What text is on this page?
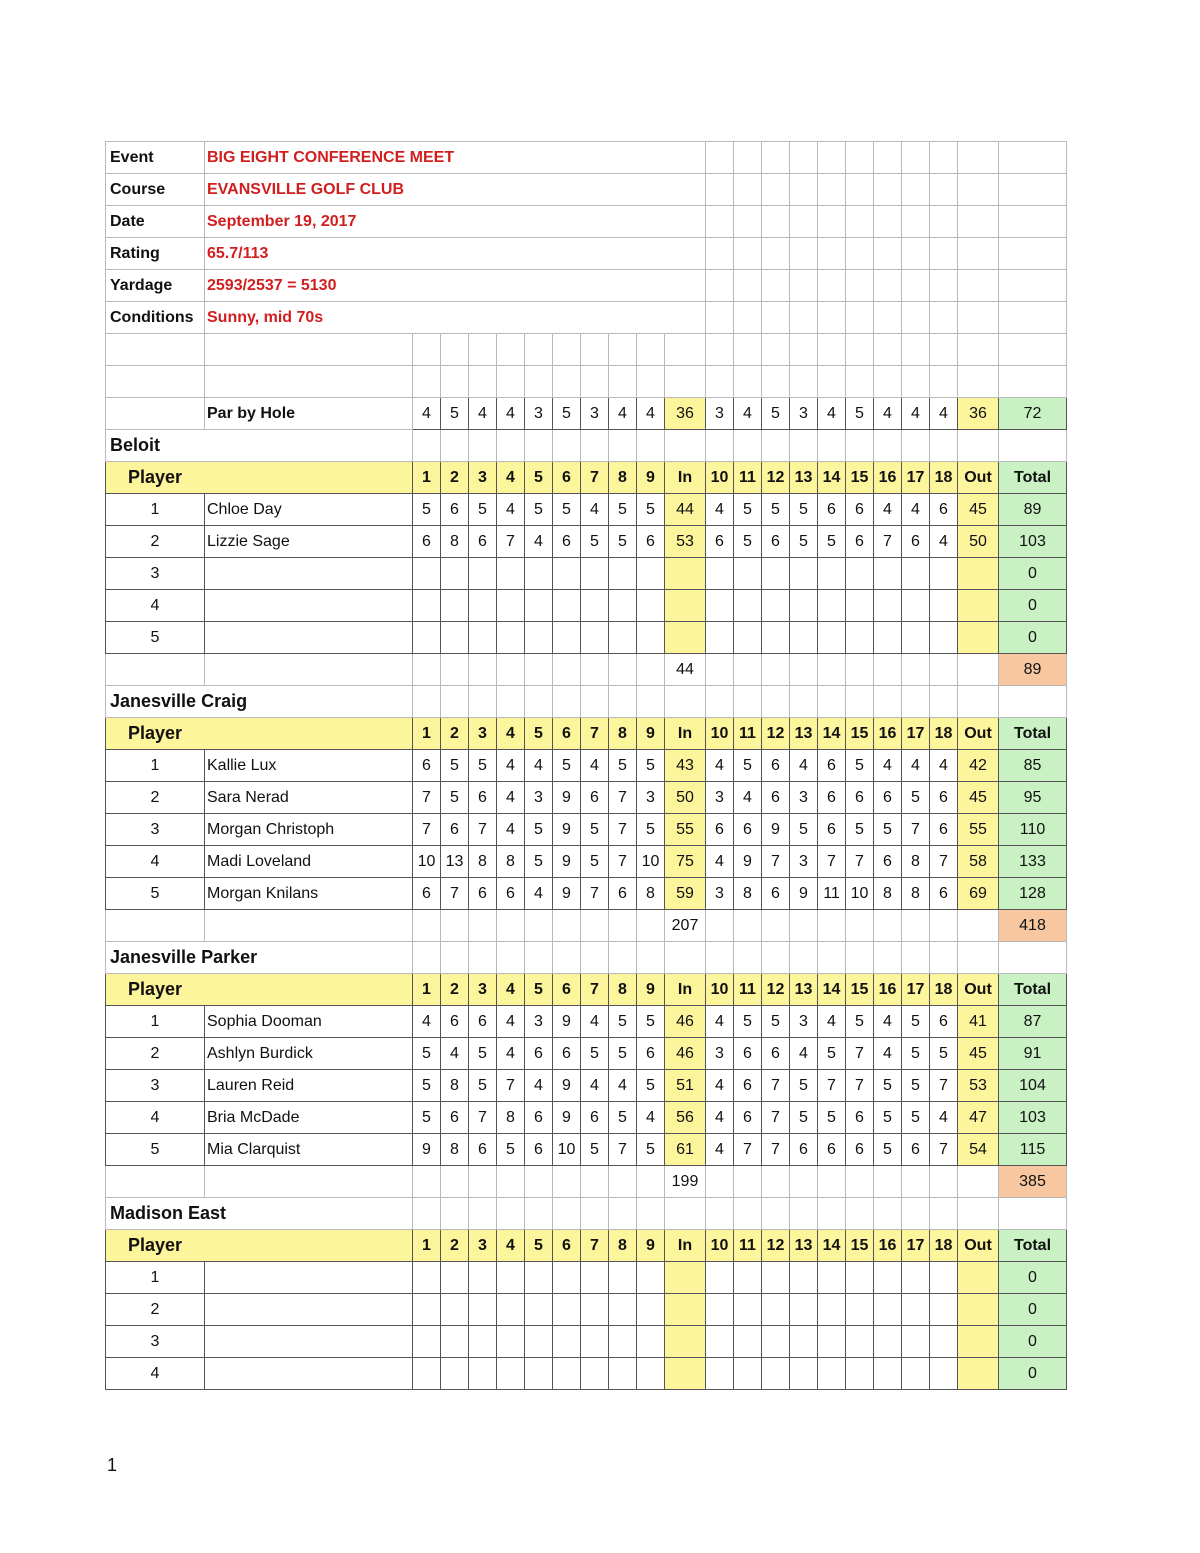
Event	BIG EIGHT CONFERENCE MEET																					
Course	EVANSVILLE GOLF CLUB																					
Date	September 19, 2017																					
Rating	65.7/113																					
Yardage	2593/2537 = 5130																					
Conditions	Sunny, mid 70s																					

	Par by Hole	4	5	4	4	3	5	3	4	4	36	3	4	5	3	4	5	4	4	4	36	72
Beloit																						
Player		1	2	3	4	5	6	7	8	9	In	10	11	12	13	14	15	16	17	18	Out	Total
1	Chloe Day	5	6	5	4	5	5	4	5	5	44	4	5	5	5	6	6	4	4	6	45	89
2	Lizzie Sage	6	8	6	7	4	6	5	5	6	53	6	5	6	5	5	6	7	6	4	50	103
3																						0
4																						0
5																						0
											44											89
Janesville Craig																						
Player		1	2	3	4	5	6	7	8	9	In	10	11	12	13	14	15	16	17	18	Out	Total
1	Kallie Lux	6	5	5	4	4	5	4	5	5	43	4	5	6	4	6	5	4	4	4	42	85
2	Sara Nerad	7	5	6	4	3	9	6	7	3	50	3	4	6	3	6	6	6	5	6	45	95
3	Morgan Christoph	7	6	7	4	5	9	5	7	5	55	6	6	9	5	6	5	5	7	6	55	110
4	Madi Loveland	10	13	8	8	5	9	5	7	10	75	4	9	7	3	7	7	6	8	7	58	133
5	Morgan Knilans	6	7	6	6	4	9	7	6	8	59	3	8	6	9	11	10	8	8	6	69	128
											207											418
Janesville Parker																						
Player		1	2	3	4	5	6	7	8	9	In	10	11	12	13	14	15	16	17	18	Out	Total
1	Sophia Dooman	4	6	6	4	3	9	4	5	5	46	4	5	5	3	4	5	4	5	6	41	87
2	Ashlyn Burdick	5	4	5	4	6	6	5	5	6	46	3	6	6	4	5	7	4	5	5	45	91
3	Lauren Reid	5	8	5	7	4	9	4	4	5	51	4	6	7	5	7	7	5	5	7	53	104
4	Bria McDade	5	6	7	8	6	9	6	5	4	56	4	6	7	5	5	6	5	5	4	47	103
5	Mia Clarquist	9	8	6	5	6	10	5	7	5	61	4	7	7	6	6	6	5	6	7	54	115
											199											385
Madison East																						
Player		1	2	3	4	5	6	7	8	9	In	10	11	12	13	14	15	16	17	18	Out	Total
1																						0
2																						0
3																						0
4																						0
1
